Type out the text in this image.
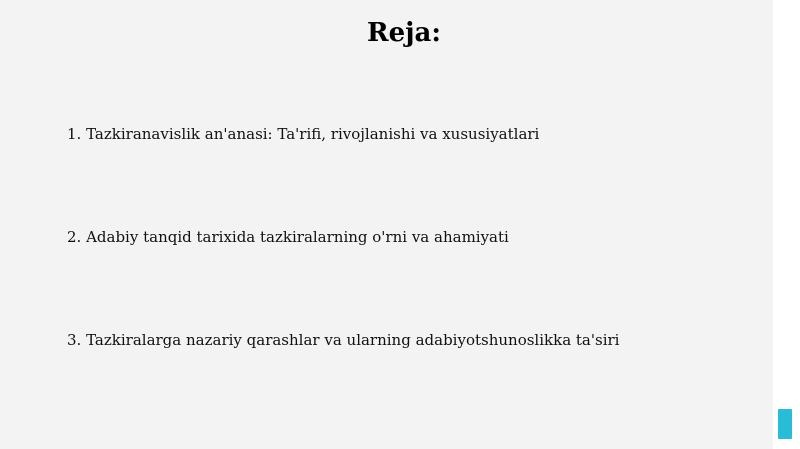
Reja:

1. Tazkiranavislik an'anasi: Ta'rifi, rivojlanishi va xususiyatlari

2. Adabiy tanqid tarixida tazkiralarning o'rni va ahamiyati

3. Tazkiralarga nazariy qarashlar va ularning adabiyotshunoslikka ta'siri
